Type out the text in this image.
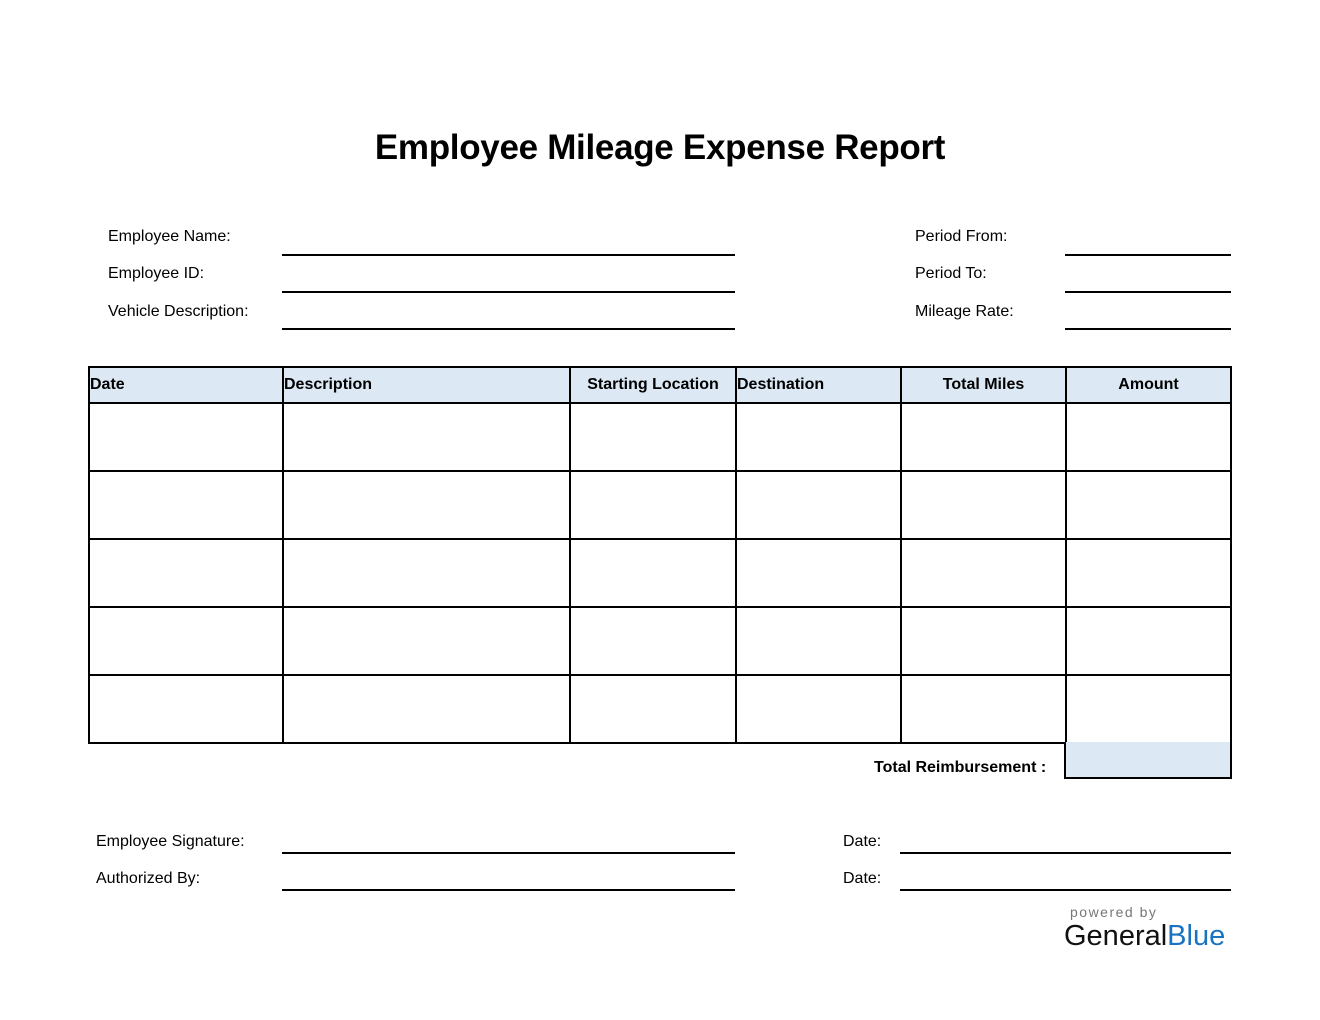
Employee Mileage Expense Report
Employee Name:
Employee ID:
Vehicle Description:
Period From:
Period To:
Mileage Rate:
Date	Description	Starting Location	Destination	Total Miles	Amount

Total Reimbursement :
Employee Signature:	Date:
Authorized By:	Date:
powered by
GeneralBlue
